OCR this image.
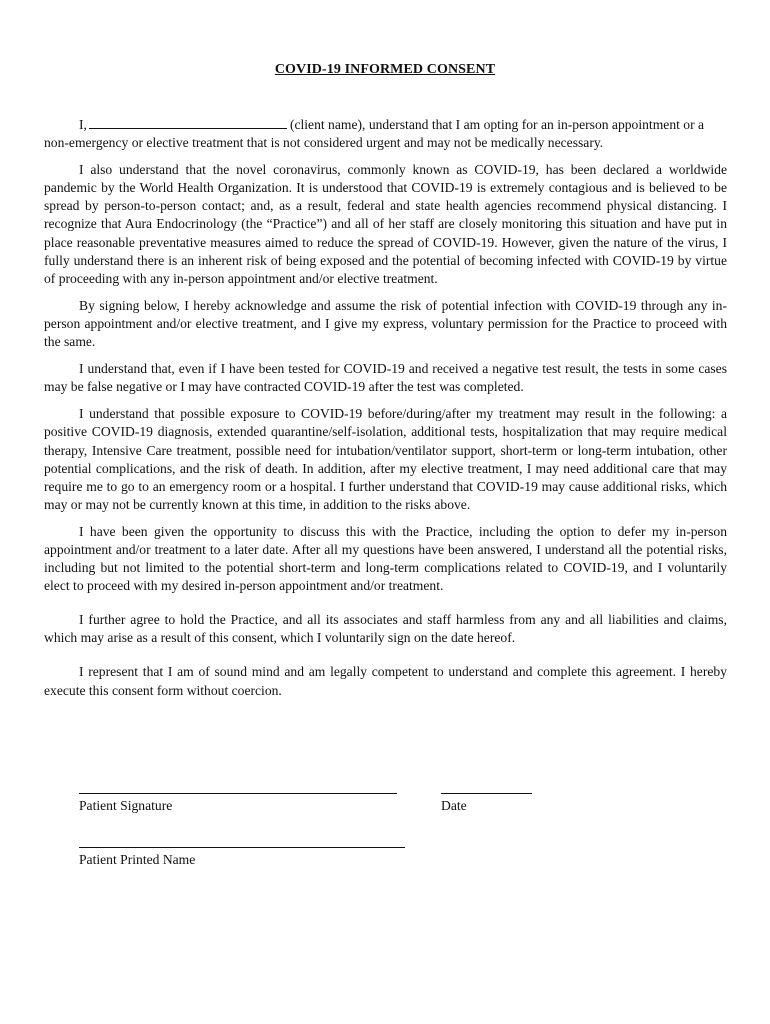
COVID-19 INFORMED CONSENT

I,	(client name), understand that I am opting for an in-person appointment or a non-emergency or elective treatment that is not considered urgent and may not be medically necessary.

I also understand that the novel coronavirus, commonly known as COVID-19, has been declared a worldwide pandemic by the World Health Organization. It is understood that COVID-19 is extremely contagious and is believed to be spread by person-to-person contact; and, as a result, federal and state health agencies recommend physical distancing. I recognize that Aura Endocrinology (the “Practice”) and all of her staff are closely monitoring this situation and have put in place reasonable preventative measures aimed to reduce the spread of COVID-19. However, given the nature of the virus, I fully understand there is an inherent risk of being exposed and the potential of becoming infected with COVID-19 by virtue of proceeding with any in-person appointment and/or elective treatment.

By signing below, I hereby acknowledge and assume the risk of potential infection with COVID-19 through any in-person appointment and/or elective treatment, and I give my express, voluntary permission for the Practice to proceed with the same.

I understand that, even if I have been tested for COVID-19 and received a negative test result, the tests in some cases may be false negative or I may have contracted COVID-19 after the test was completed.

I understand that possible exposure to COVID-19 before/during/after my treatment may result in the following: a positive COVID-19 diagnosis, extended quarantine/self-isolation, additional tests, hospitalization that may require medical therapy, Intensive Care treatment, possible need for intubation/ventilator support, short-term or long-term intubation, other potential complications, and the risk of death. In addition, after my elective treatment, I may need additional care that may require me to go to an emergency room or a hospital. I further understand that COVID-19 may cause additional risks, which may or may not be currently known at this time, in addition to the risks above.

I have been given the opportunity to discuss this with the Practice, including the option to defer my in-person appointment and/or treatment to a later date. After all my questions have been answered, I understand all the potential risks, including but not limited to the potential short-term and long-term complications related to COVID-19, and I voluntarily elect to proceed with my desired in-person appointment and/or treatment.

I further agree to hold the Practice, and all its associates and staff harmless from any and all liabilities and claims, which may arise as a result of this consent, which I voluntarily sign on the date hereof.

I represent that I am of sound mind and am legally competent to understand and complete this agreement. I hereby execute this consent form without coercion.

Patient Signature	Date
Patient Printed Name
